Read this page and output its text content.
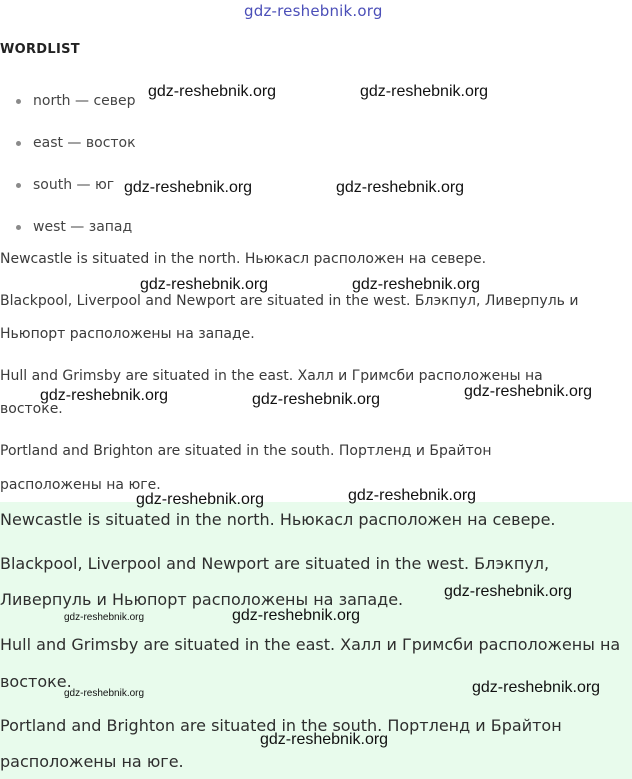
gdz-reshebnik.org
WORDLIST
north — север
east — восток
south — юг
west — запад
Newcastle is situated in the north. Ньюкасл расположен на севере.
Blackpool, Liverpool and Newport are situated in the west. Блэкпул, Ливерпуль и
Ньюпорт расположены на западе.
Hull and Grimsby are situated in the east. Халл и Гримсби расположены на
востоке.
Portland and Brighton are situated in the south. Портленд и Брайтон
расположены на юге.
Newcastle is situated in the north. Ньюкасл расположен на севере.
Blackpool, Liverpool and Newport are situated in the west. Блэкпул,
Ливерпуль и Ньюпорт расположены на западе.
Hull and Grimsby are situated in the east. Халл и Гримсби расположены на
востоке.
Portland and Brighton are situated in the south. Портленд и Брайтон
расположены на юге.
gdz-reshebnik.org	gdz-reshebnik.org
gdz-reshebnik.org	gdz-reshebnik.org
gdz-reshebnik.org	gdz-reshebnik.org
gdz-reshebnik.org	gdz-reshebnik.org	gdz-reshebnik.org
gdz-reshebnik.org	gdz-reshebnik.org
gdz-reshebnik.org
gdz-reshebnik.org	gdz-reshebnik.org
gdz-reshebnik.org
gdz-reshebnik.org
gdz-reshebnik.org
